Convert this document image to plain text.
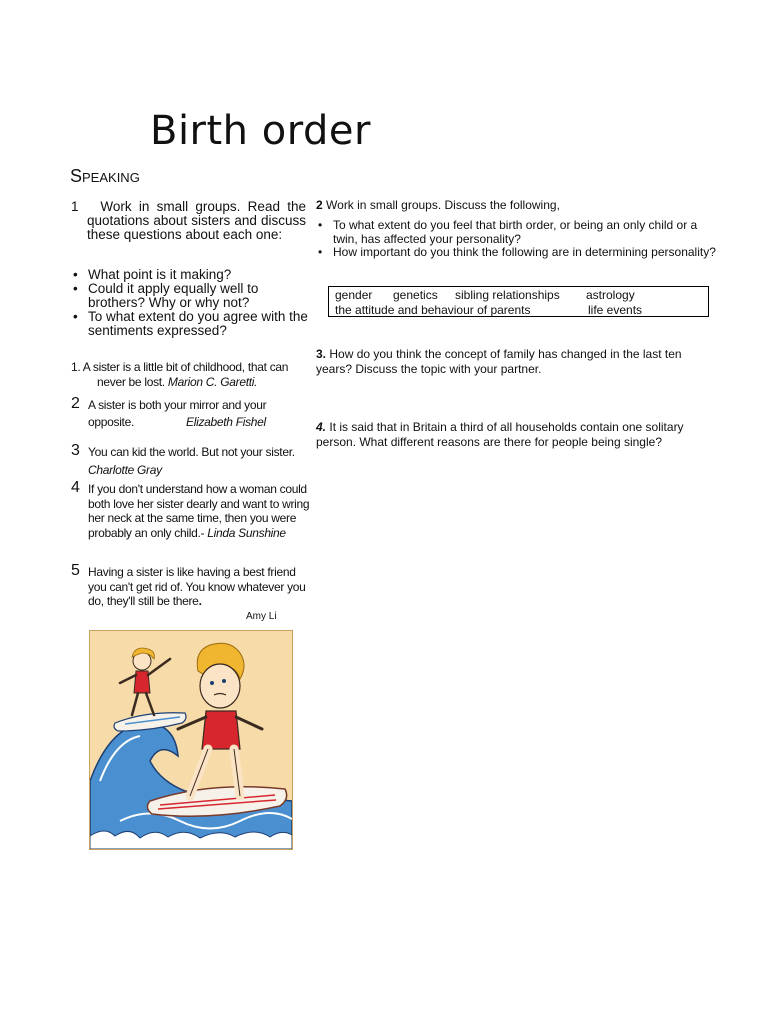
Birth order
SPEAKING
1 Work in small groups. Read the quotations about sisters and discuss these questions about each one:
• What point is it making?
• Could it apply equally well to brothers? Why or why not?
• To what extent do you agree with the sentiments expressed?
1. A sister is a little bit of childhood, that can
never be lost. Marion C. Garetti.
2 A sister is both your mirror and your
opposite.	Elizabeth Fishel
3 You can kid the world. But not your sister.
Charlotte Gray
4 If you don't understand how a woman could both love her sister dearly and want to wring her neck at the same time, then you were probably an only child.- Linda Sunshine
5 Having a sister is like having a best friend you can't get rid of. You know whatever you do, they'll still be there.
Amy Li
2 Work in small groups. Discuss the following,
• To what extent do you feel that birth order, or being an only child or a twin, has affected your personality?
• How important do you think the following are in determining personality?
gender genetics sibling relationships astrology
the attitude and behaviour of parents	life events
3. How do you think the concept of family has changed in the last ten years? Discuss the topic with your partner.
4. It is said that in Britain a third of all households contain one solitary person. What different reasons are there for people being single?
